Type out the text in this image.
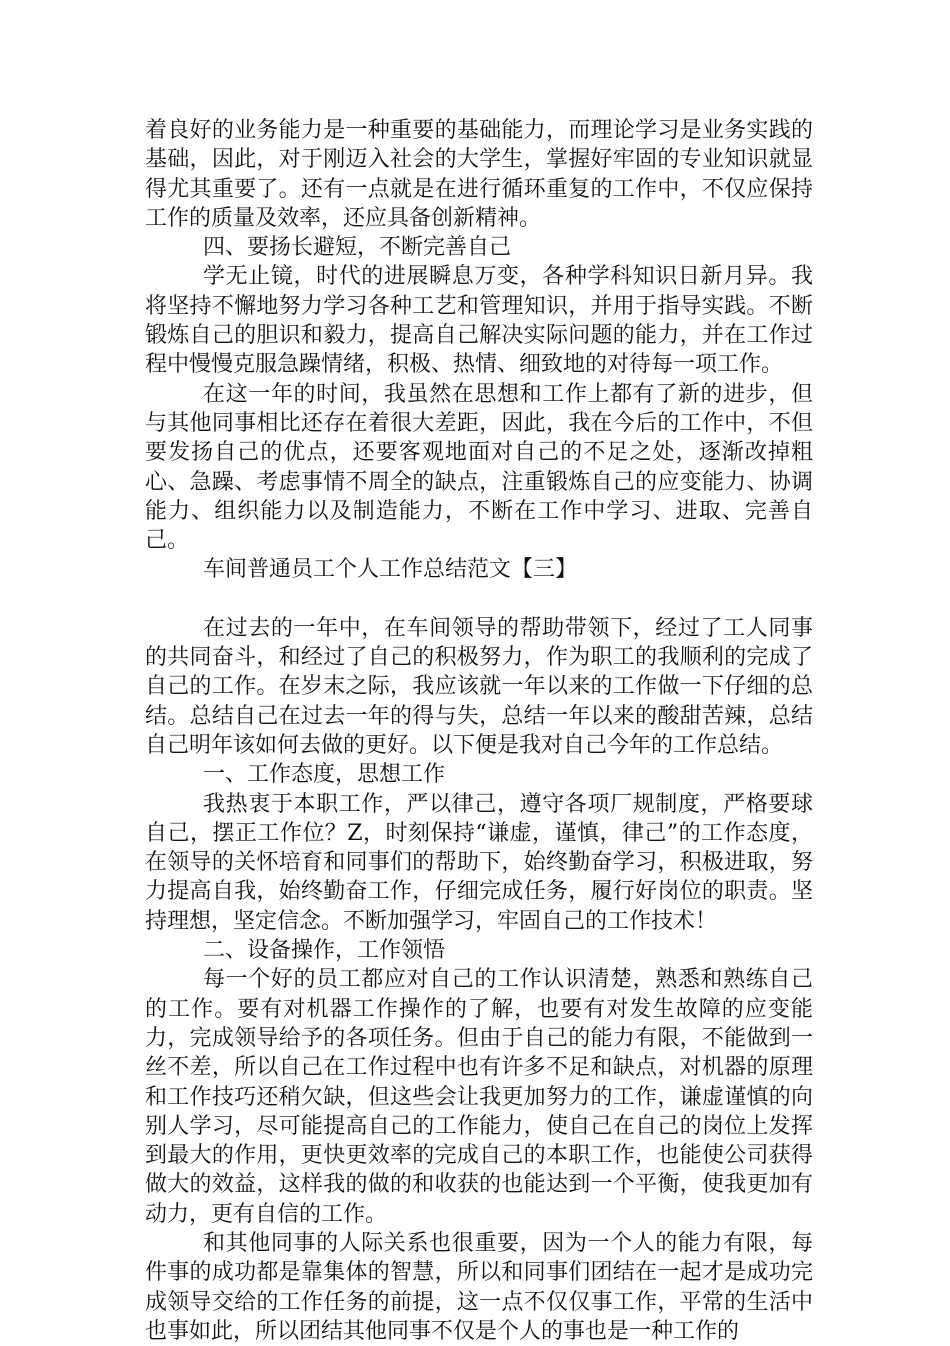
着良好的业务能力是一种重要的基础能力，而理论学习是业务实践的基础，因此，对于刚迈入社会的大学生，掌握好牢固的专业知识就显得尤其重要了。还有一点就是在进行循环重复的工作中，不仅应保持工作的质量及效率，还应具备创新精神。

四、要扬长避短，不断完善自己

学无止镜，时代的进展瞬息万变，各种学科知识日新月异。我将坚持不懈地努力学习各种工艺和管理知识，并用于指导实践。不断锻炼自己的胆识和毅力，提高自己解决实际问题的能力，并在工作过程中慢慢克服急躁情绪，积极、热情、细致地的对待每一项工作。

在这一年的时间，我虽然在思想和工作上都有了新的进步，但与其他同事相比还存在着很大差距，因此，我在今后的工作中，不但要发扬自己的优点，还要客观地面对自己的不足之处，逐渐改掉粗心、急躁、考虑事情不周全的缺点，注重锻炼自己的应变能力、协调能力、组织能力以及制造能力，不断在工作中学习、进取、完善自己。

车间普通员工个人工作总结范文【三】

在过去的一年中，在车间领导的帮助带领下，经过了工人同事的共同奋斗，和经过了自己的积极努力，作为职工的我顺利的完成了自己的工作。在岁末之际，我应该就一年以来的工作做一下仔细的总结。总结自己在过去一年的得与失，总结一年以来的酸甜苦辣，总结自己明年该如何去做的更好。以下便是我对自己今年的工作总结。

一、工作态度，思想工作

我热衷于本职工作，严以律己，遵守各项厂规制度，严格要球自己，摆正工作位？Z，时刻保持“谦虚，谨慎，律己”的工作态度，在领导的关怀培育和同事们的帮助下，始终勤奋学习，积极进取，努力提高自我，始终勤奋工作，仔细完成任务，履行好岗位的职责。坚持理想，坚定信念。不断加强学习，牢固自己的工作技术！

二、设备操作，工作领悟

每一个好的员工都应对自己的工作认识清楚，熟悉和熟练自己的工作。要有对机器工作操作的了解，也要有对发生故障的应变能力，完成领导给予的各项任务。但由于自己的能力有限，不能做到一丝不差，所以自己在工作过程中也有许多不足和缺点，对机器的原理和工作技巧还稍欠缺，但这些会让我更加努力的工作，谦虚谨慎的向别人学习，尽可能提高自己的工作能力，使自己在自己的岗位上发挥到最大的作用，更快更效率的完成自己的本职工作，也能使公司获得做大的效益，这样我的做的和收获的也能达到一个平衡，使我更加有动力，更有自信的工作。

和其他同事的人际关系也很重要，因为一个人的能力有限，每件事的成功都是靠集体的智慧，所以和同事们团结在一起才是成功完成领导交给的工作任务的前提，这一点不仅仅事工作，平常的生活中也事如此，所以团结其他同事不仅是个人的事也是一种工作的
